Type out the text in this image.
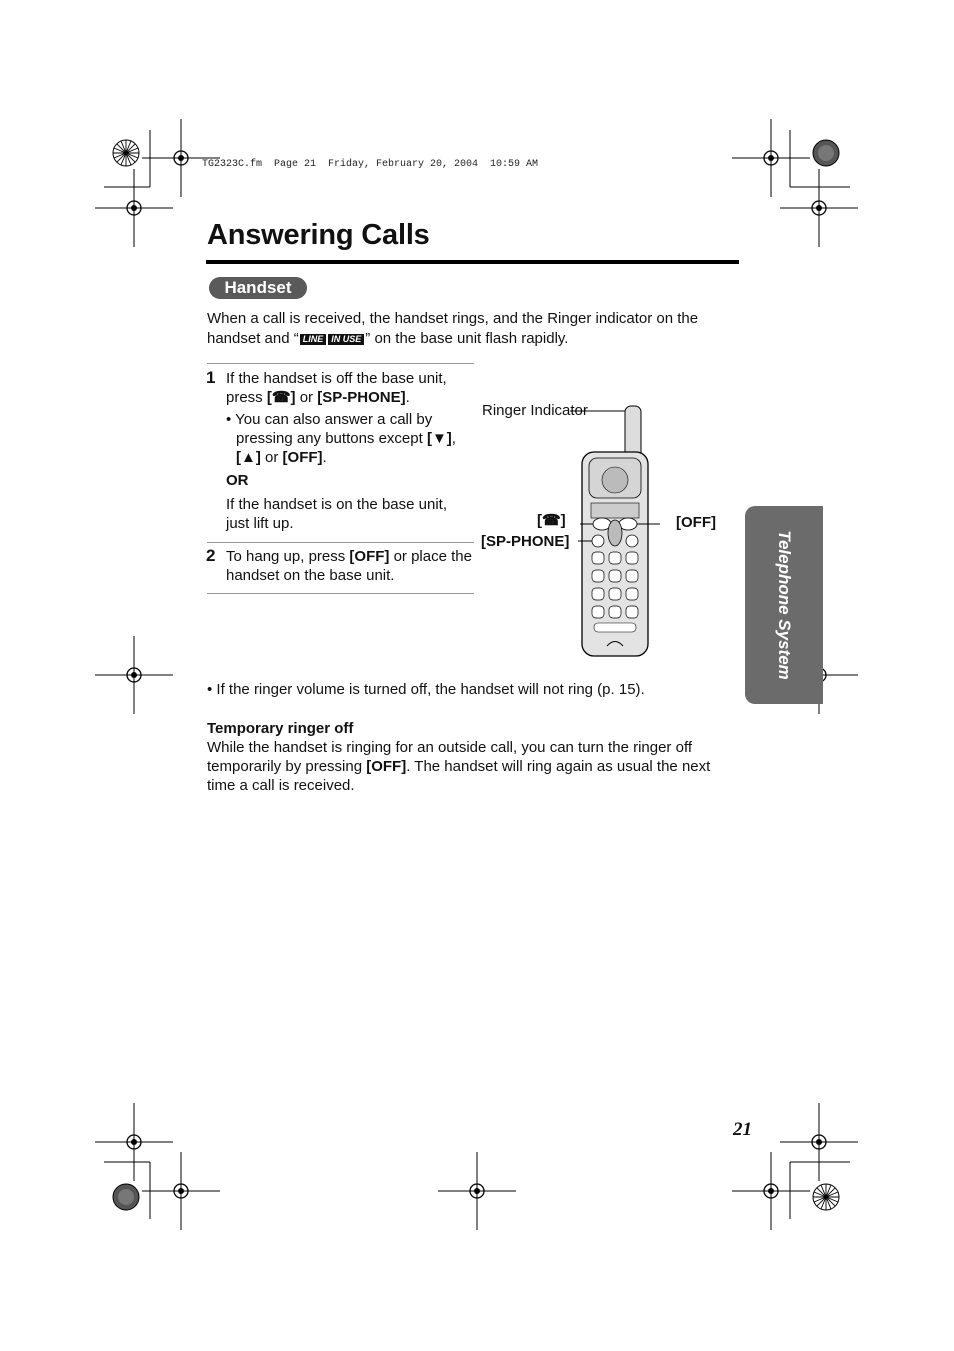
TG2323C.fm  Page 21  Friday, February 20, 2004  10:59 AM
Answering Calls
Handset
When a call is received, the handset rings, and the Ringer indicator on the handset and “ LINE IN USE ” on the base unit flash rapidly.
1 If the handset is off the base unit, press [☎] or [SP-PHONE].
• You can also answer a call by pressing any buttons except [▼], [▲] or [OFF].
OR
If the handset is on the base unit, just lift up.
2 To hang up, press [OFF] or place the handset on the base unit.
Ringer Indicator
[☎]
[SP-PHONE]
[OFF]
• If the ringer volume is turned off, the handset will not ring (p. 15).
Temporary ringer off
While the handset is ringing for an outside call, you can turn the ringer off temporarily by pressing [OFF]. The handset will ring again as usual the next time a call is received.
Telephone System
21
